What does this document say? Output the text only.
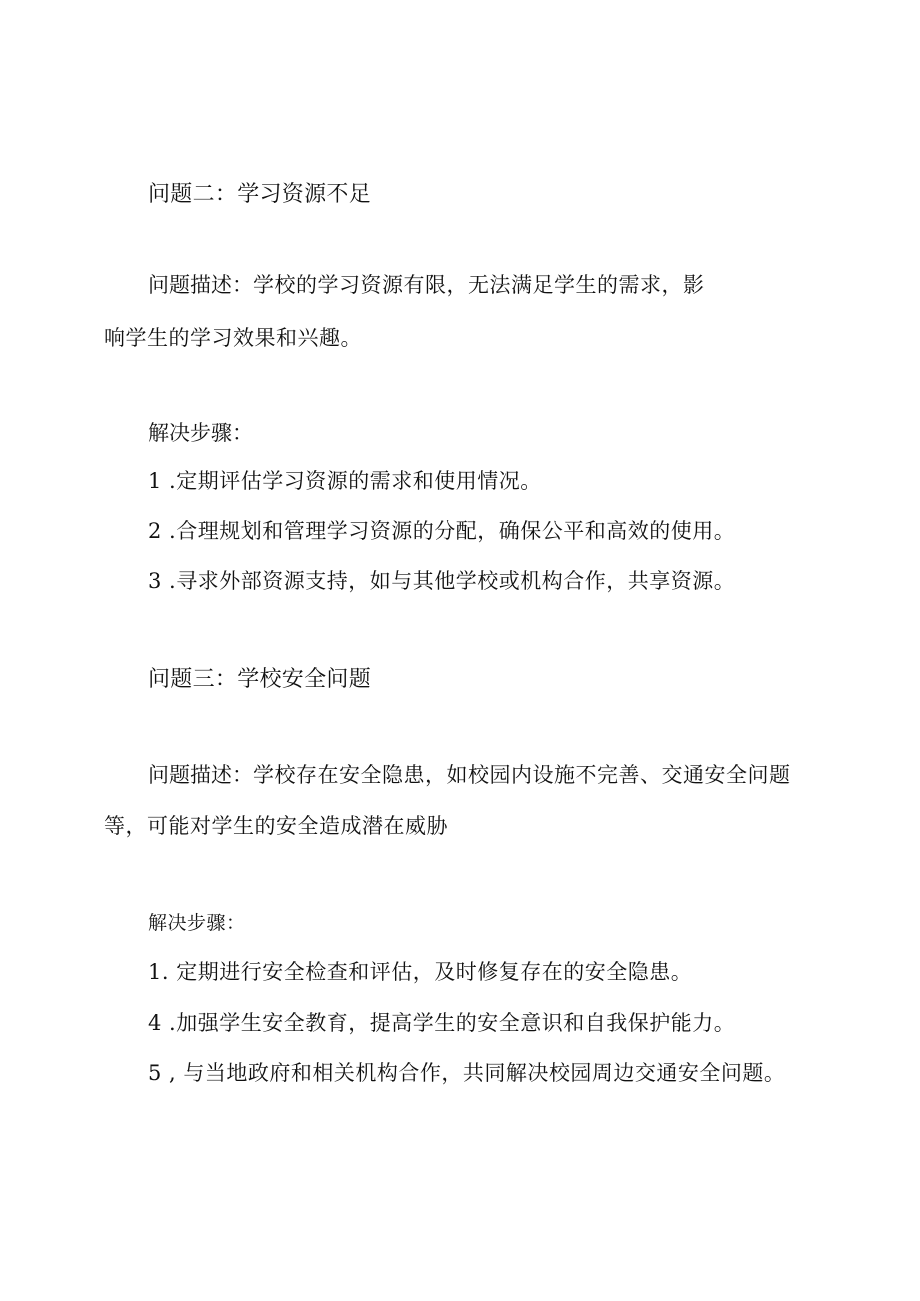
问题二：学习资源不足
问题描述：学校的学习资源有限，无法满足学生的需求，影
响学生的学习效果和兴趣。
解决步骤：
1 .定期评估学习资源的需求和使用情况。
2 .合理规划和管理学习资源的分配，确保公平和高效的使用。
3 .寻求外部资源支持，如与其他学校或机构合作，共享资源。
问题三：学校安全问题
问题描述：学校存在安全隐患，如校园内设施不完善、交通安全问题
等，可能对学生的安全造成潜在威胁
解决步骤：
1. 定期进行安全检查和评估，及时修复存在的安全隐患。
4 .加强学生安全教育，提高学生的安全意识和自我保护能力。
5 , 与当地政府和相关机构合作，共同解决校园周边交通安全问题。
